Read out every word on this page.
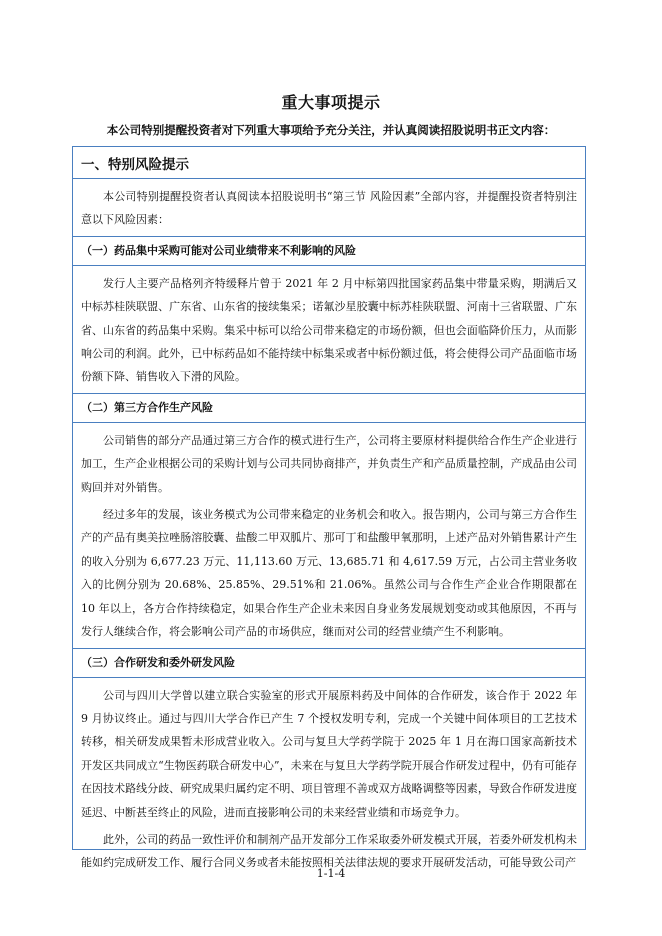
重大事项提示
本公司特别提醒投资者对下列重大事项给予充分关注，并认真阅读招股说明书正文内容：
一、特别风险提示

本公司特别提醒投资者认真阅读本招股说明书“第三节 风险因素”全部内容，并提醒投资者特别注意以下风险因素：

（一）药品集中采购可能对公司业绩带来不利影响的风险

发行人主要产品格列齐特缓释片曾于 2021 年 2 月中标第四批国家药品集中带量采购，期满后又中标苏桂陕联盟、广东省、山东省的接续集采；诺氟沙星胶囊中标苏桂陕联盟、河南十三省联盟、广东省、山东省的药品集中采购。集采中标可以给公司带来稳定的市场份额，但也会面临降价压力，从而影响公司的利润。此外，已中标药品如不能持续中标集采或者中标份额过低，将会使得公司产品面临市场份额下降、销售收入下滑的风险。

（二）第三方合作生产风险

公司销售的部分产品通过第三方合作的模式进行生产，公司将主要原材料提供给合作生产企业进行加工，生产企业根据公司的采购计划与公司共同协商排产，并负责生产和产品质量控制，产成品由公司购回并对外销售。

经过多年的发展，该业务模式为公司带来稳定的业务机会和收入。报告期内，公司与第三方合作生产的产品有奥美拉唑肠溶胶囊、盐酸二甲双胍片、那可丁和盐酸甲氧那明，上述产品对外销售累计产生的收入分别为 6,677.23 万元、11,113.60 万元、13,685.71 和 4,617.59 万元，占公司主营业务收入的比例分别为 20.68%、25.85%、29.51%和 21.06%。虽然公司与合作生产企业合作期限都在 10 年以上，各方合作持续稳定，如果合作生产企业未来因自身业务发展规划变动或其他原因，不再与发行人继续合作，将会影响公司产品的市场供应，继而对公司的经营业绩产生不利影响。

（三）合作研发和委外研发风险

公司与四川大学曾以建立联合实验室的形式开展原料药及中间体的合作研发，该合作于 2022 年 9 月协议终止。通过与四川大学合作已产生 7 个授权发明专利，完成一个关键中间体项目的工艺技术转移，相关研发成果暂未形成营业收入。公司与复旦大学药学院于 2025 年 1 月在海口国家高新技术开发区共同成立“生物医药联合研发中心”，未来在与复旦大学药学院开展合作研发过程中，仍有可能存在因技术路线分歧、研究成果归属约定不明、项目管理不善或双方战略调整等因素，导致合作研发进度延迟、中断甚至终止的风险，进而直接影响公司的未来经营业绩和市场竞争力。

此外，公司的药品一致性评价和制剂产品开发部分工作采取委外研发模式开展，若委外研发机构未能如约完成研发工作、履行合同义务或者未能按照相关法律法规的要求开展研发活动，可能导致公司产

1-1-4
